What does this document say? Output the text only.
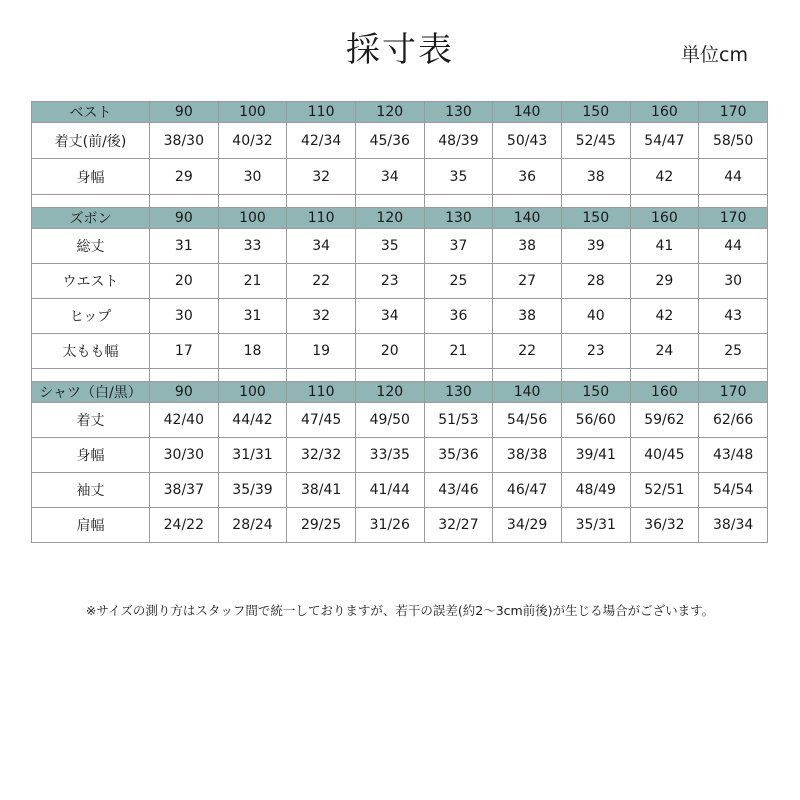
採寸表	単位cm
ベスト	90	100	110	120	130	140	150	160	170
着丈(前/後)	38/30	40/32	42/34	45/36	48/39	50/43	52/45	54/47	58/50
身幅	29	30	32	34	35	36	38	42	44

ズボン	90	100	110	120	130	140	150	160	170
総丈	31	33	34	35	37	38	39	41	44
ウエスト	20	21	22	23	25	27	28	29	30
ヒップ	30	31	32	34	36	38	40	42	43
太もも幅	17	18	19	20	21	22	23	24	25

シャツ（白/黒）	90	100	110	120	130	140	150	160	170
着丈	42/40	44/42	47/45	49/50	51/53	54/56	56/60	59/62	62/66
身幅	30/30	31/31	32/32	33/35	35/36	38/38	39/41	40/45	43/48
袖丈	38/37	35/39	38/41	41/44	43/46	46/47	48/49	52/51	54/54
肩幅	24/22	28/24	29/25	31/26	32/27	34/29	35/31	36/32	38/34
※サイズの測り方はスタッフ間で統一しておりますが、若干の誤差(約2～3cm前後)が生じる場合がございます。
